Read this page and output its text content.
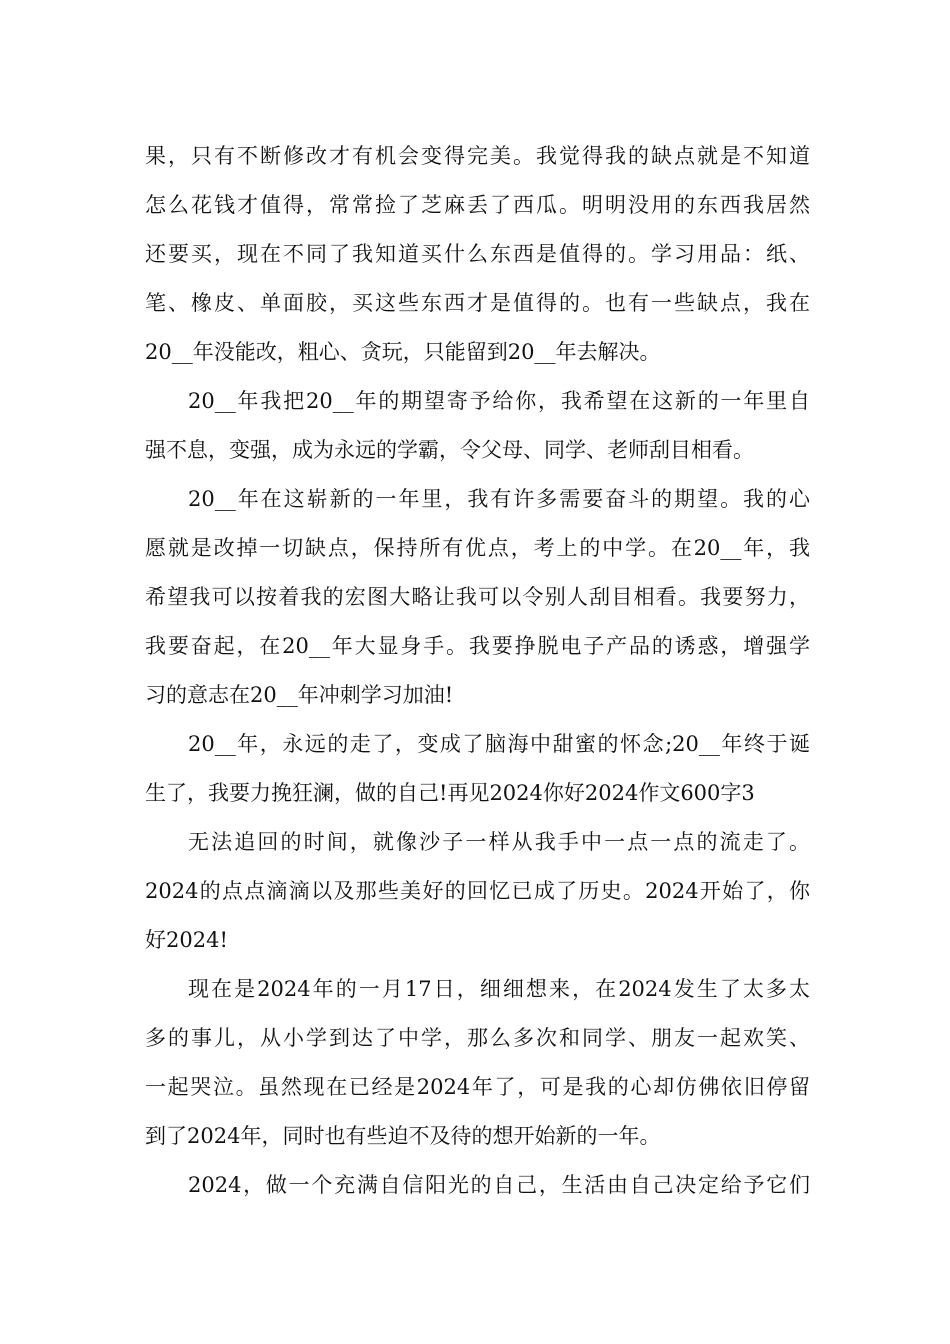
果，只有不断修改才有机会变得完美。我觉得我的缺点就是不知道
怎么花钱才值得，常常捡了芝麻丢了西瓜。明明没用的东西我居然
还要买，现在不同了我知道买什么东西是值得的。学习用品：纸、
笔、橡皮、单面胶，买这些东西才是值得的。也有一些缺点，我在
20__年没能改，粗心、贪玩，只能留到20__年去解决。
20__年我把20__年的期望寄予给你，我希望在这新的一年里自
强不息，变强，成为永远的学霸，令父母、同学、老师刮目相看。
20__年在这崭新的一年里，我有许多需要奋斗的期望。我的心
愿就是改掉一切缺点，保持所有优点，考上的中学。在20__年，我
希望我可以按着我的宏图大略让我可以令别人刮目相看。我要努力，
我要奋起，在20__年大显身手。我要挣脱电子产品的诱惑，增强学
习的意志在20__年冲刺学习加油!
20__年，永远的走了，变成了脑海中甜蜜的怀念;20__年终于诞
生了，我要力挽狂澜，做的自己!再见2024你好2024作文600字3
无法追回的时间，就像沙子一样从我手中一点一点的流走了。
2024的点点滴滴以及那些美好的回忆已成了历史。2024开始了，你
好2024!
现在是2024年的一月17日，细细想来，在2024发生了太多太
多的事儿，从小学到达了中学，那么多次和同学、朋友一起欢笑、
一起哭泣。虽然现在已经是2024年了，可是我的心却仿佛依旧停留
到了2024年，同时也有些迫不及待的想开始新的一年。
2024，做一个充满自信阳光的自己，生活由自己决定给予它们
